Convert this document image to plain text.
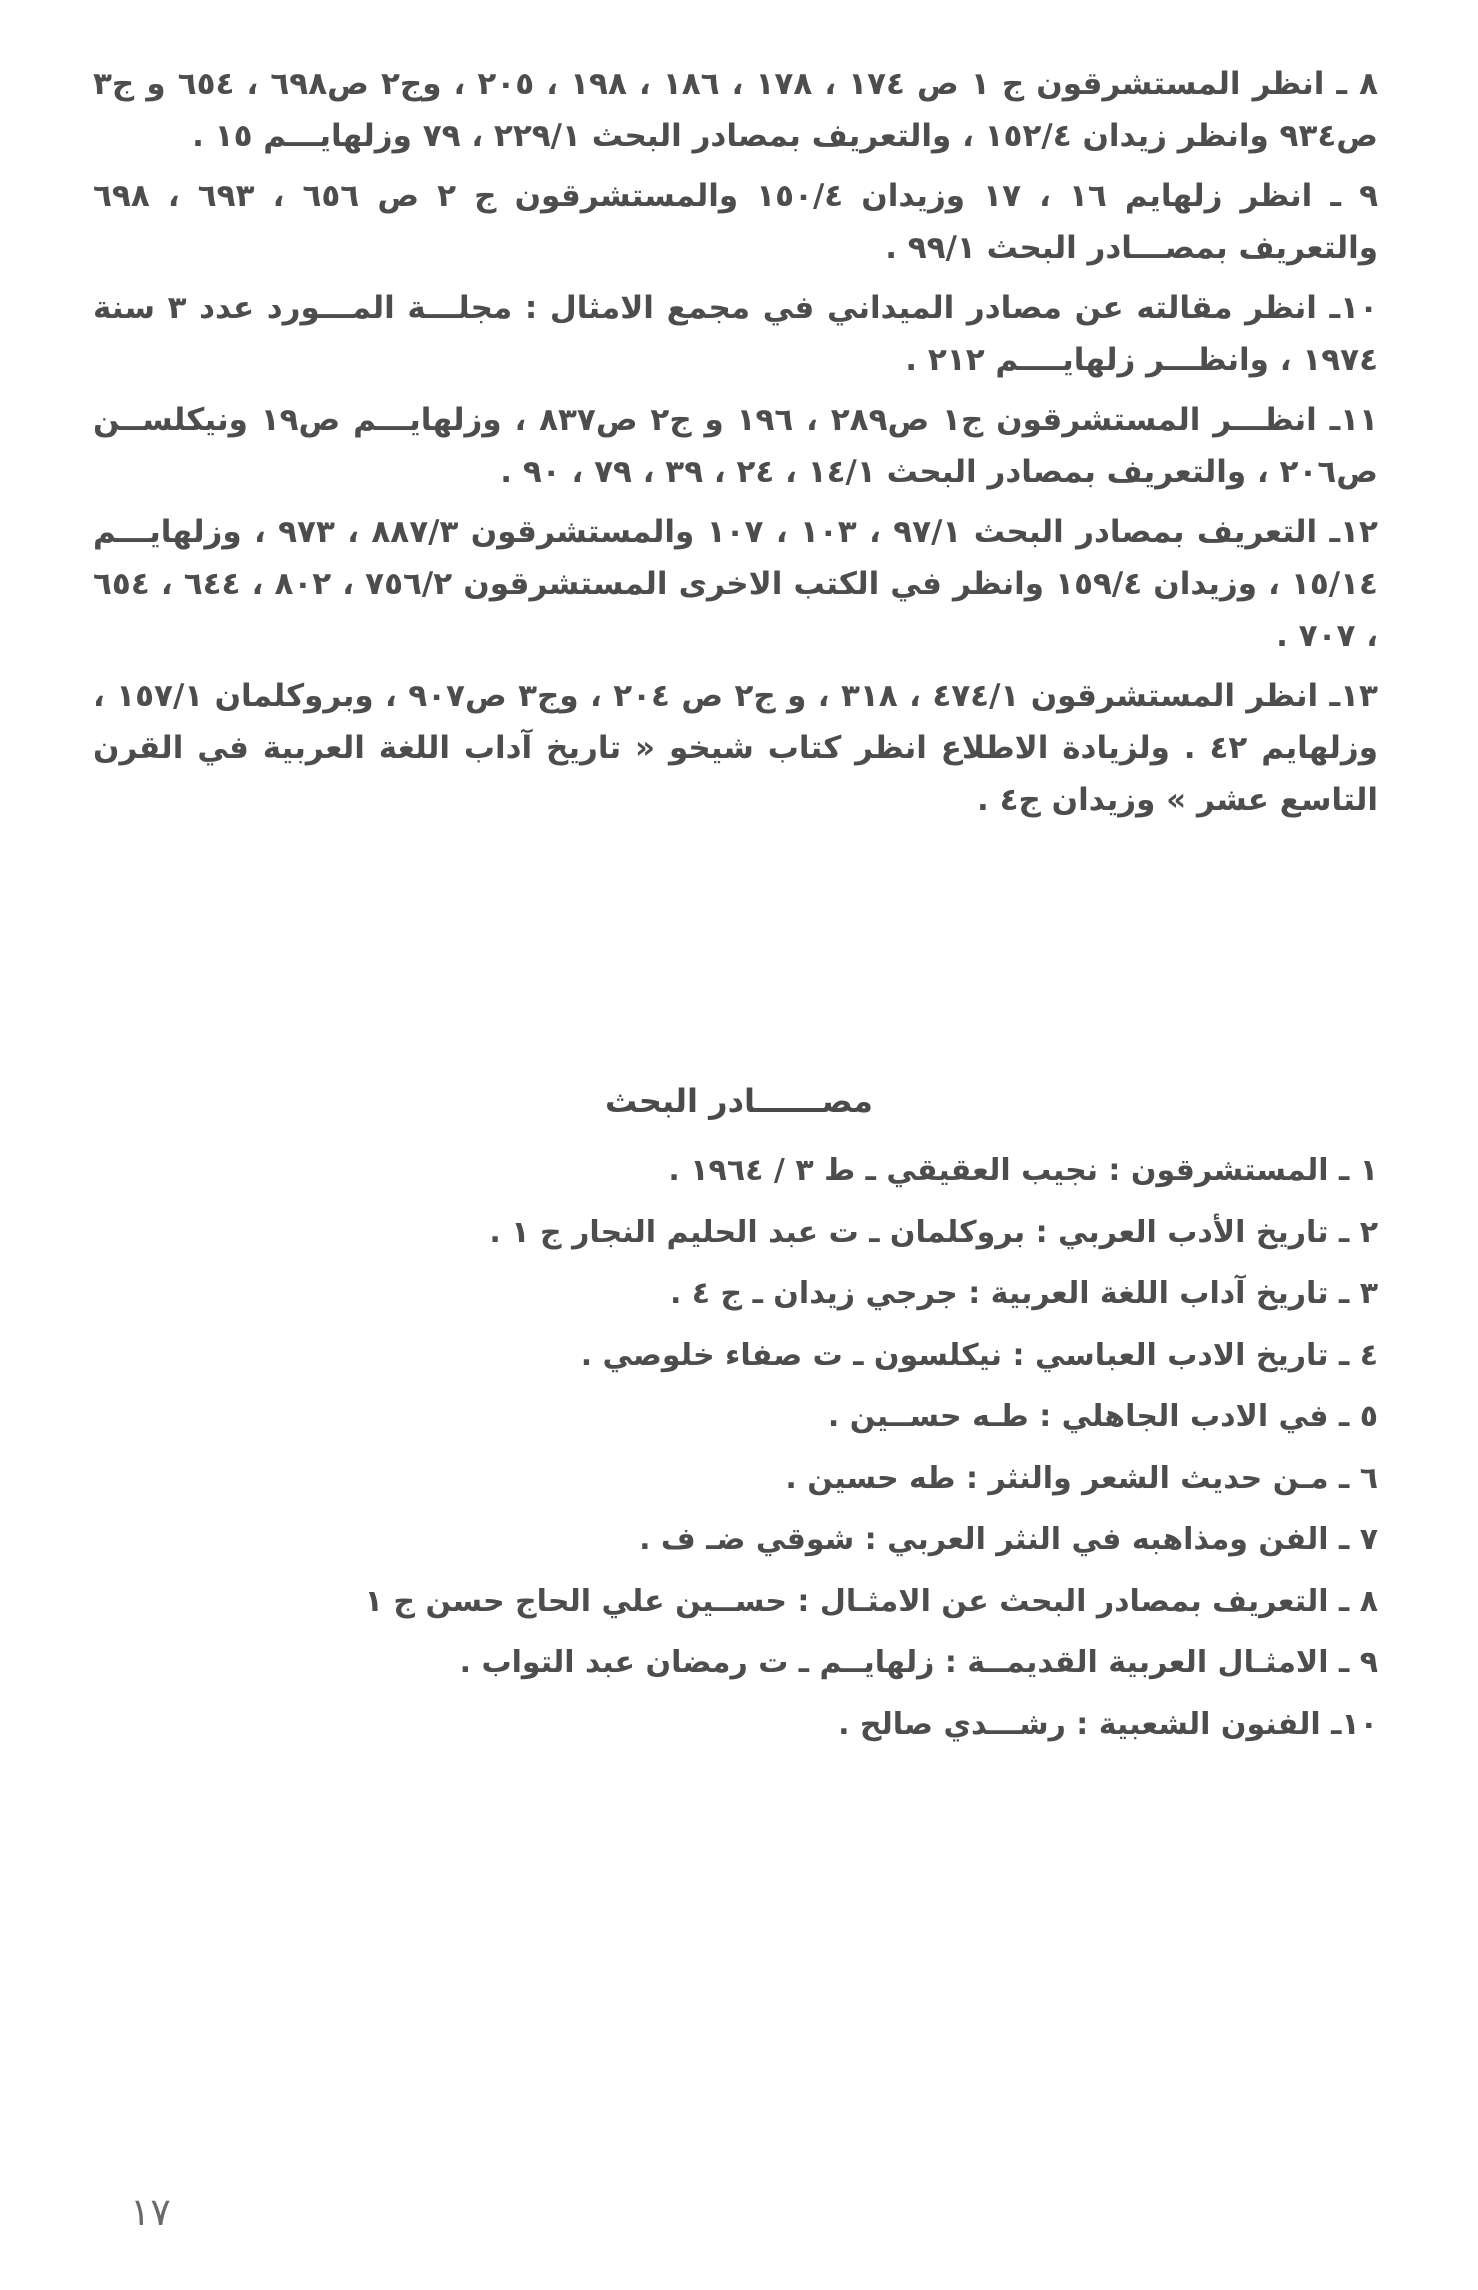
٨ ـ انظر المستشرقون ج ١ ص ١٧٤ ، ١٧٨ ، ١٨٦ ، ١٩٨ ، ٢٠٥ ، وج٢ ص٦٩٨ ، ٦٥٤ و ج٣ ص٩٣٤ وانظر زيدان ١٥٢/٤ ، والتعريف بمصادر البحث ٢٢٩/١ ، ٧٩ وزلهايـــم ١٥ .

٩ ـ انظر زلهايم ١٦ ، ١٧ وزيدان ١٥٠/٤ والمستشرقون ج ٢ ص ٦٥٦ ، ٦٩٣ ، ٦٩٨ والتعريف بمصـــادر البحث ٩٩/١ .

١٠ـ انظر مقالته عن مصادر الميداني في مجمع الامثال : مجلـــة المـــورد عدد ٣ سنة ١٩٧٤ ، وانظـــر زلهايــــم ٢١٢ .

١١ـ انظـــر المستشرقون ج١ ص٢٨٩ ، ١٩٦ و ج٢ ص٨٣٧ ، وزلهايـــم ص١٩ ونيكلســن ص٢٠٦ ، والتعريف بمصادر البحث ١٤/١ ، ٢٤ ، ٣٩ ، ٧٩ ، ٩٠ .

١٢ـ التعريف بمصادر البحث ٩٧/١ ، ١٠٣ ، ١٠٧ والمستشرقون ٨٨٧/٣ ، ٩٧٣ ، وزلهايـــم ١٥/١٤ ، وزيدان ١٥٩/٤ وانظر في الكتب الاخرى المستشرقون ٧٥٦/٢ ، ٨٠٢ ، ٦٤٤ ، ٦٥٤ ، ٧٠٧ .

١٣ـ انظر المستشرقون ٤٧٤/١ ، ٣١٨ ، و ج٢ ص ٢٠٤ ، وج٣ ص٩٠٧ ، وبروكلمان ١٥٧/١ ، وزلهايم ٤٢ . ولزيادة الاطلاع انظر كتاب شيخو « تاريخ آداب اللغة العربية في القرن التاسع عشر » وزيدان ج٤ .

مصــــــادر البحث
١ ـ المستشرقون : نجيب العقيقي ـ ط ٣ / ١٩٦٤ .
٢ ـ تاريخ الأدب العربي : بروكلمان ـ ت عبد الحليم النجار ج ١ .
٣ ـ تاريخ آداب اللغة العربية : جرجي زيدان ـ ج ٤ .
٤ ـ تاريخ الادب العباسي : نيكلسون ـ ت صفاء خلوصي .
٥ ـ في الادب الجاهلي : طـه حســين .
٦ ـ مـن حديث الشعر والنثر : طه حسين .
٧ ـ الفن ومذاهبه في النثر العربي : شوقي ضـ ف .
٨ ـ التعريف بمصادر البحث عن الامثـال : حســين علي الحاج حسن ج ١
٩ ـ الامثـال العربية القديمــة : زلهايــم ـ ت رمضان عبد التواب .
١٠ـ الفنون الشعبية : رشـــدي صالح .
١٧
